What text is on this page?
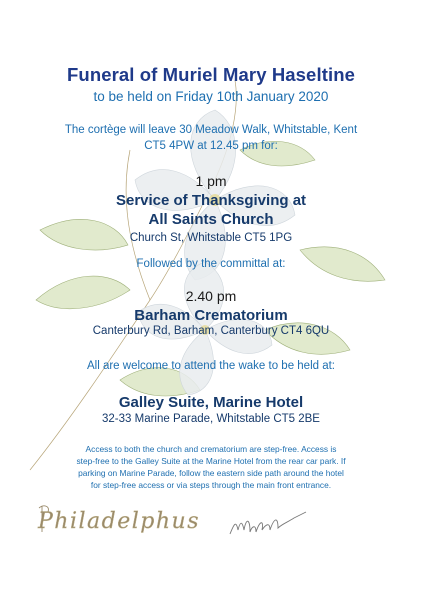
Funeral of Muriel Mary Haseltine
to be held on Friday 10th January 2020
The cortège will leave 30 Meadow Walk, Whitstable, Kent
CT5 4PW at 12.45 pm for:
1 pm
Service of Thanksgiving at
All Saints Church
Church St, Whitstable CT5 1PG
Followed by the committal at:
2.40 pm
Barham Crematorium
Canterbury Rd, Barham, Canterbury CT4 6QU
All are welcome to attend the wake to be held at:
Galley Suite, Marine Hotel
32-33 Marine Parade, Whitstable CT5 2BE
Access to both the church and crematorium are step-free. Access is
step-free to the Galley Suite at the Marine Hotel from the rear car park. If
parking on Marine Parade, follow the eastern side path around the hotel
for step-free access or via steps through the main front entrance.
Philadelphus
